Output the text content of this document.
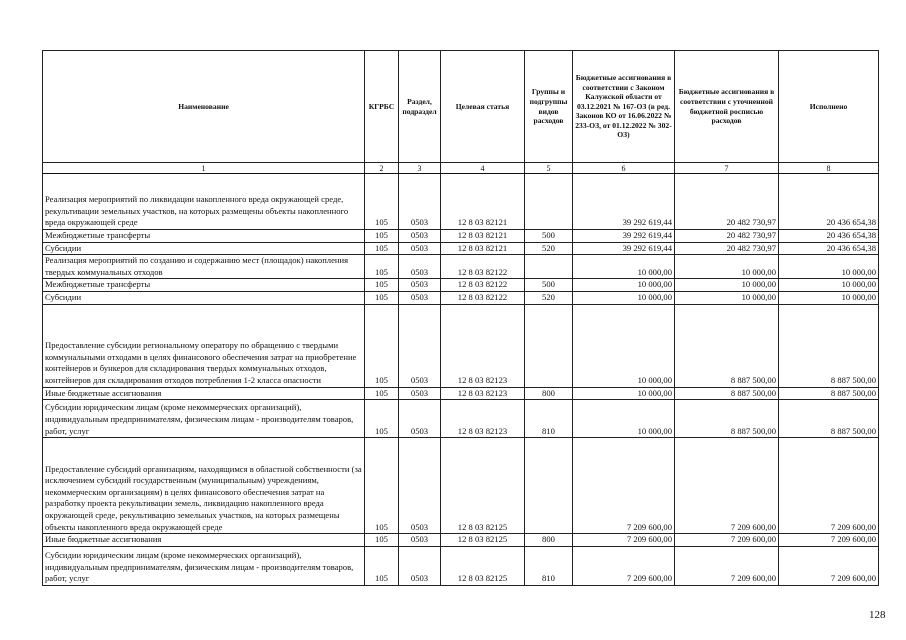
Наименование	КГРБС	Раздел, подраздел	Целевая статья	Группы и подгруппы видов расходов	Бюджетные ассигнования в соответствии с Законом Калужской области от 03.12.2021 № 167-ОЗ (в ред. Законов КО от 16.06.2022 № 233-ОЗ, от 01.12.2022 № 302-ОЗ)	Бюджетные ассигнования в соответствии с уточненной бюджетной росписью расходов	Исполнено
1	2	3	4	5	6	7	8
Реализация мероприятий по ликвидации накопленного вреда окружающей среде, рекультивации земельных участков, на которых размещены объекты накопленного вреда окружающей среде	105	0503	12 8 03 82121		39 292 619,44	20 482 730,97	20 436 654,38
Межбюджетные трансферты	105	0503	12 8 03 82121	500	39 292 619,44	20 482 730,97	20 436 654,38
Субсидии	105	0503	12 8 03 82121	520	39 292 619,44	20 482 730,97	20 436 654,38
Реализация мероприятий по созданию и содержанию мест (площадок) накопления твердых коммунальных отходов	105	0503	12 8 03 82122		10 000,00	10 000,00	10 000,00
Межбюджетные трансферты	105	0503	12 8 03 82122	500	10 000,00	10 000,00	10 000,00
Субсидии	105	0503	12 8 03 82122	520	10 000,00	10 000,00	10 000,00
Предоставление субсидии региональному оператору по обращению с твердыми коммунальными отходами в целях финансового обеспечения затрат на приобретение контейнеров и бункеров для складирования твердых коммунальных отходов, контейнеров для складирования отходов потребления 1-2 класса опасности	105	0503	12 8 03 82123		10 000,00	8 887 500,00	8 887 500,00
Иные бюджетные ассигнования	105	0503	12 8 03 82123	800	10 000,00	8 887 500,00	8 887 500,00
Субсидии юридическим лицам (кроме некоммерческих организаций), индивидуальным предпринимателям, физическим лицам - производителям товаров, работ, услуг	105	0503	12 8 03 82123	810	10 000,00	8 887 500,00	8 887 500,00
Предоставление субсидий организациям, находящимся в областной собственности (за исключением субсидий государственным (муниципальным) учреждениям, некоммерческим организациям) в целях финансового обеспечения затрат на разработку проекта рекультивации земель, ликвидацию накопленного вреда окружающей среде, рекультивацию земельных участков, на которых размещены объекты накопленного вреда окружающей среде	105	0503	12 8 03 82125		7 209 600,00	7 209 600,00	7 209 600,00
Иные бюджетные ассигнования	105	0503	12 8 03 82125	800	7 209 600,00	7 209 600,00	7 209 600,00
Субсидии юридическим лицам (кроме некоммерческих организаций), индивидуальным предпринимателям, физическим лицам - производителям товаров, работ, услуг	105	0503	12 8 03 82125	810	7 209 600,00	7 209 600,00	7 209 600,00
128
